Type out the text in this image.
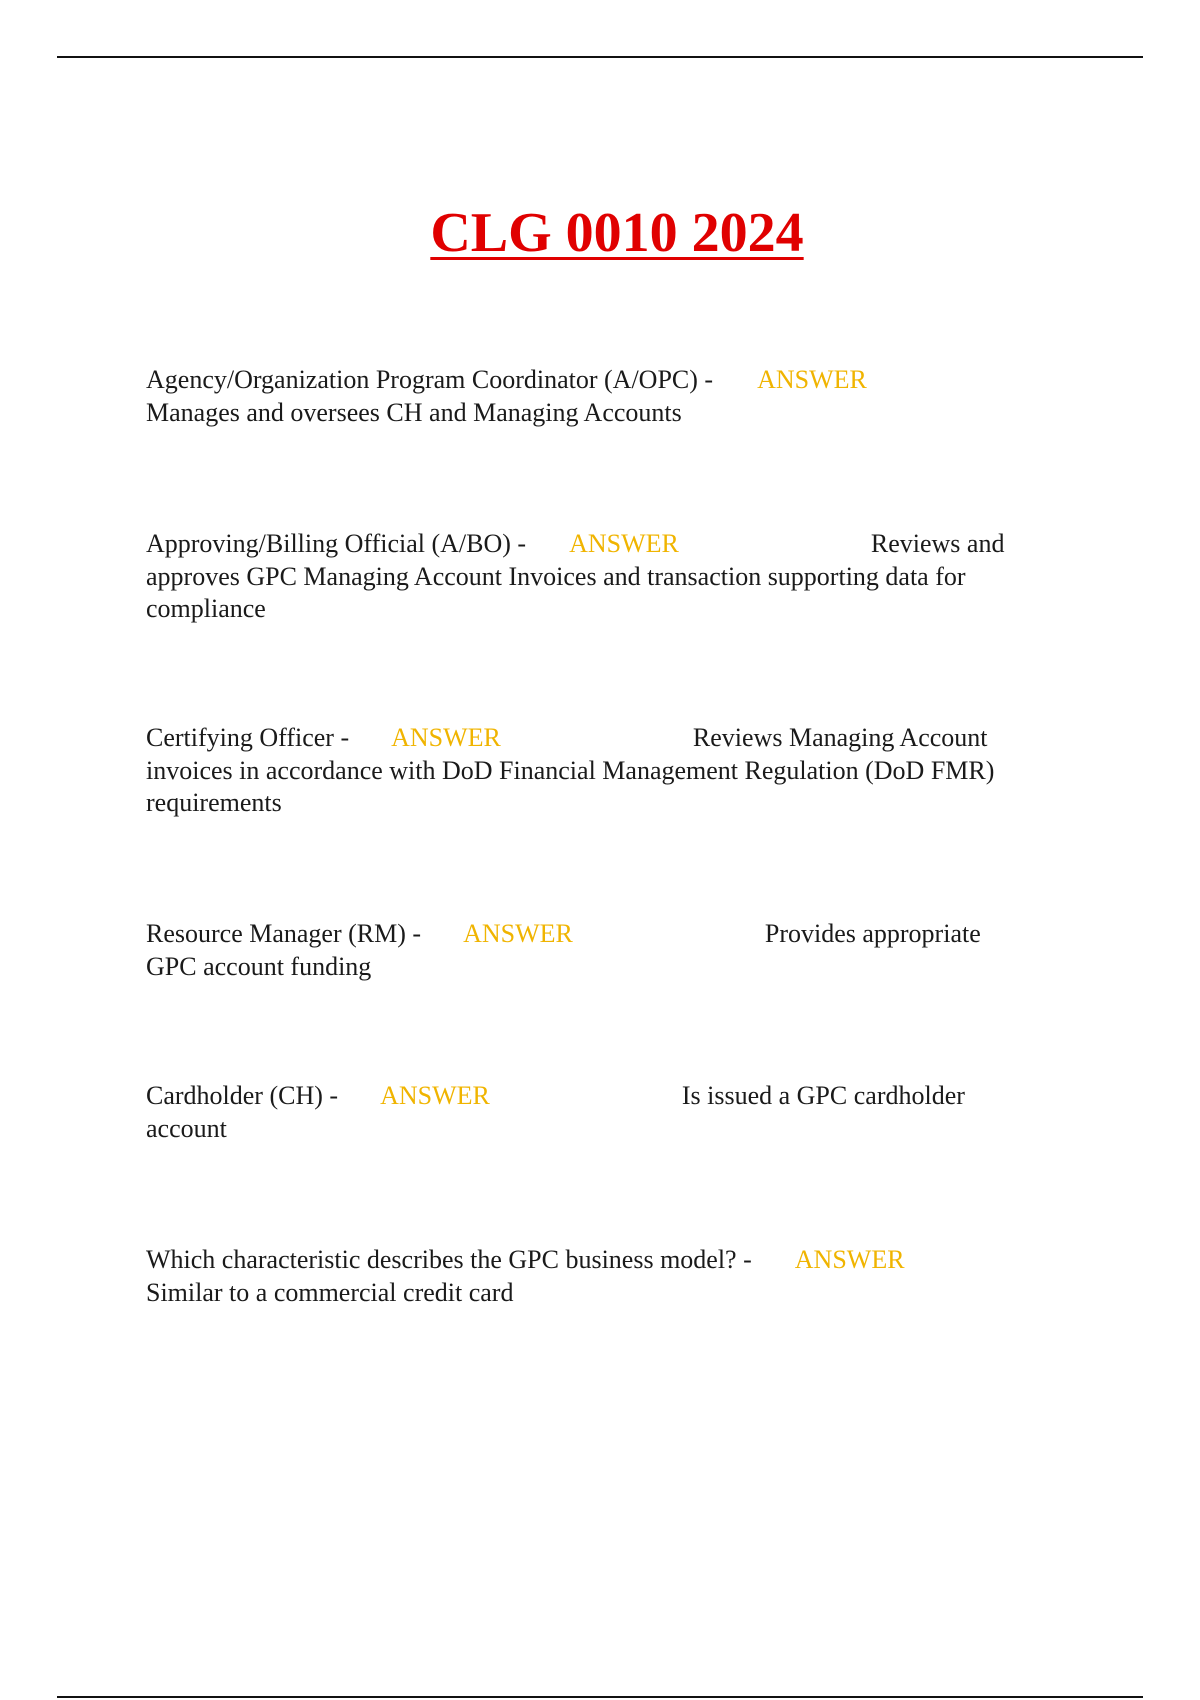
CLG 0010 2024
Agency/Organization Program Coordinator (A/OPC) - ANSWER
Manages and oversees CH and Managing Accounts
Approving/Billing Official (A/BO) - ANSWER	Reviews and
approves GPC Managing Account Invoices and transaction supporting data for
compliance
Certifying Officer - ANSWER	Reviews Managing Account
invoices in accordance with DoD Financial Management Regulation (DoD FMR)
requirements
Resource Manager (RM) - ANSWER	Provides appropriate
GPC account funding
Cardholder (CH) - ANSWER	Is issued a GPC cardholder
account
Which characteristic describes the GPC business model? - ANSWER
Similar to a commercial credit card
